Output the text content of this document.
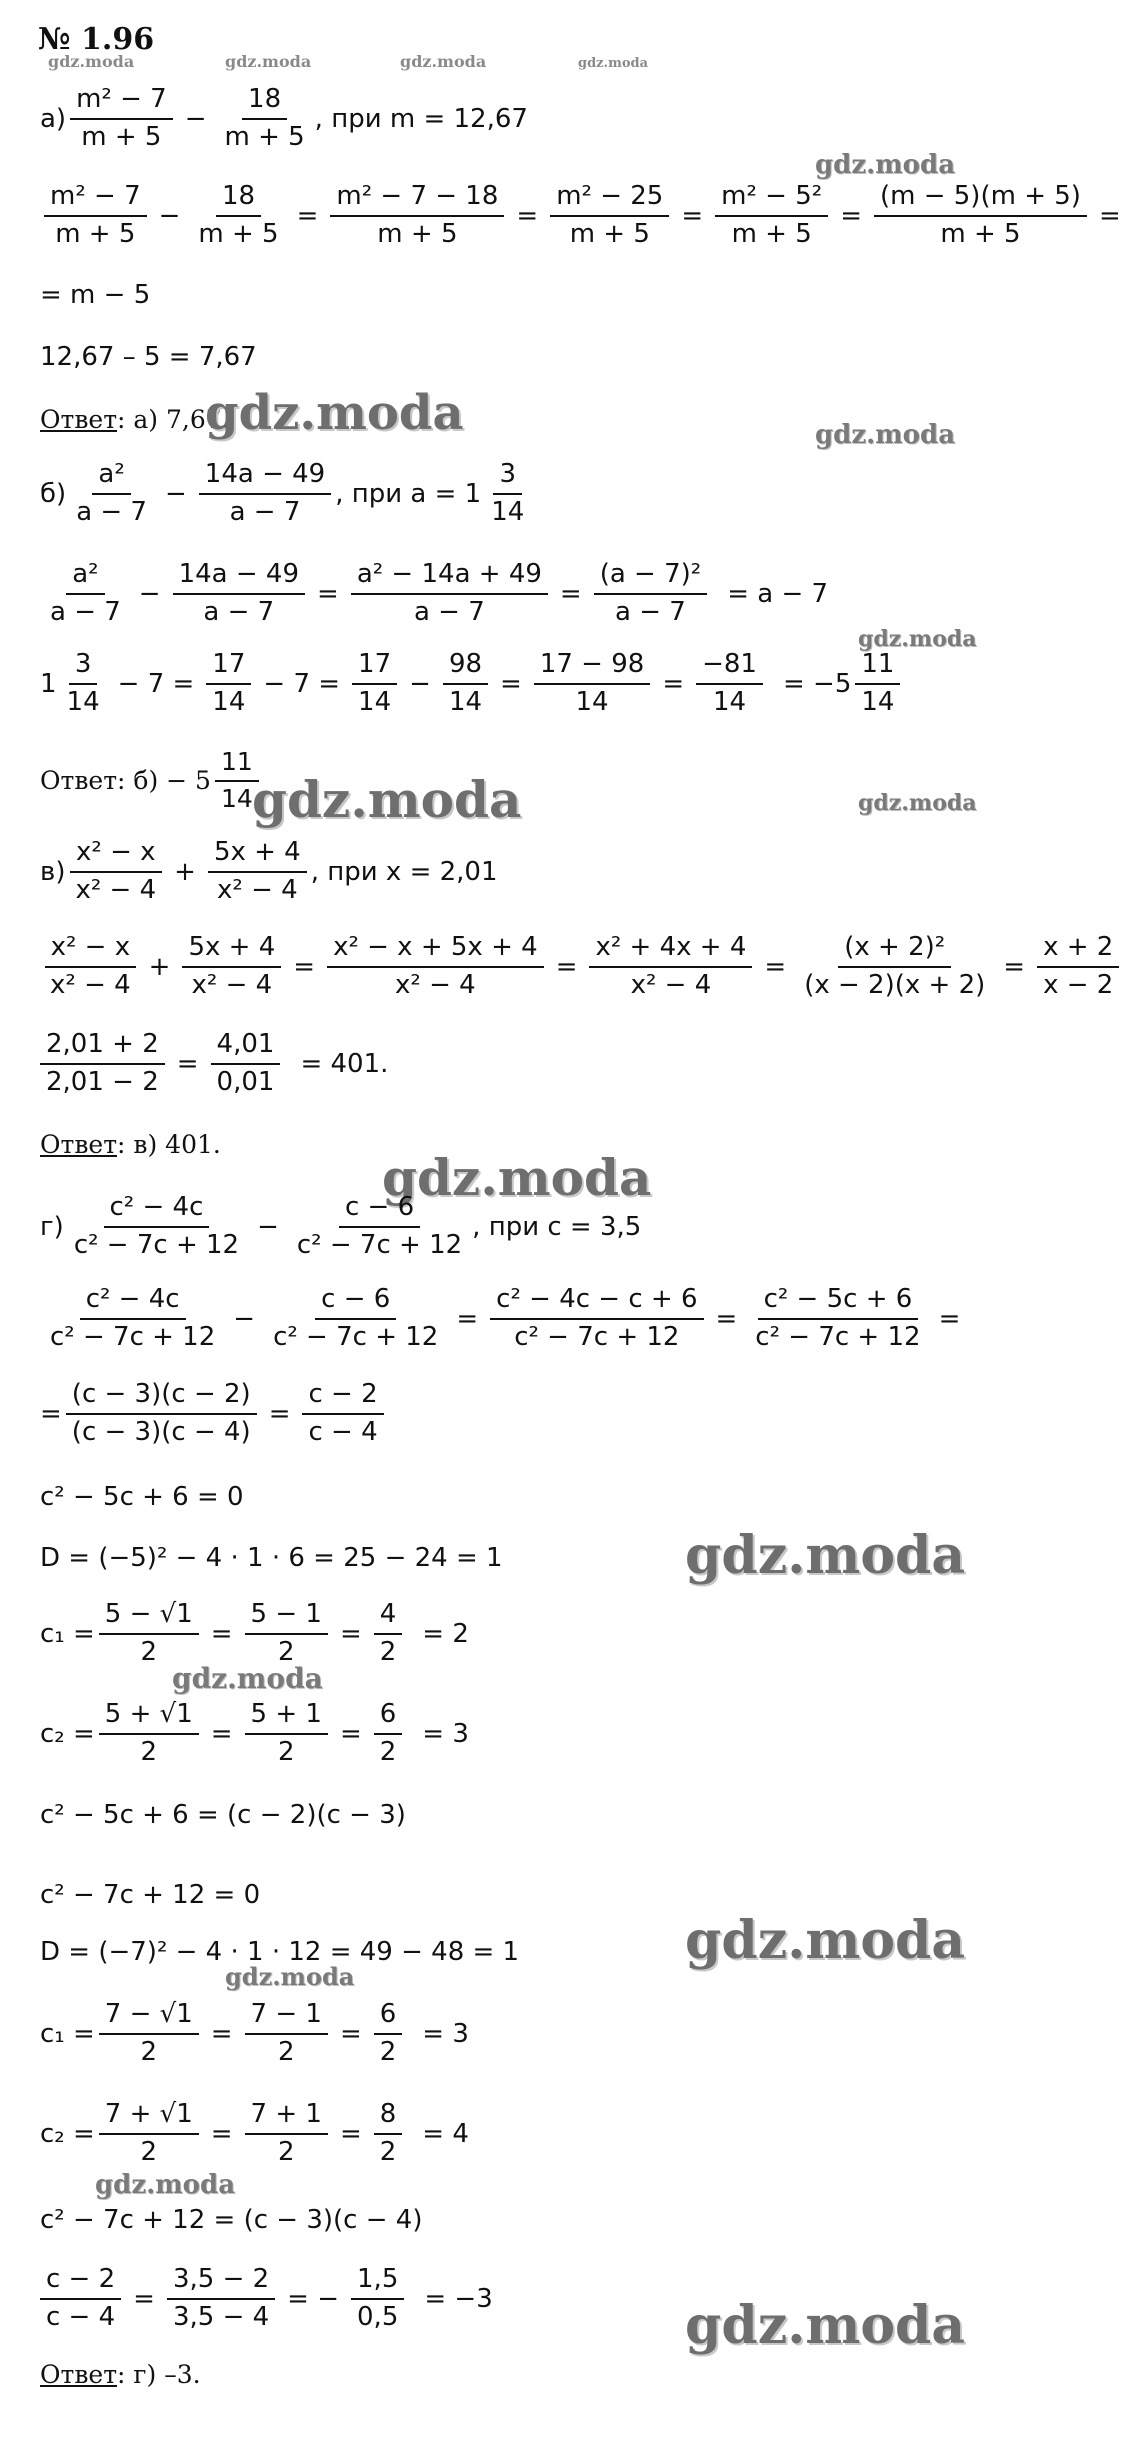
№ 1.96
gdz.moda	gdz.moda	gdz.moda	gdz.moda
$а) \frac{\text{m² − 7}}{m + 5} - \frac{18}{m + 5}$ , при m = 12,67
gdz.moda
$\frac{\text{m² − 7}}{m + 5} - \frac{18}{m + 5} = \frac{\text{m² − 7 − 18}}{m + 5} = \frac{\text{m² − 25}}{m + 5} = \frac{\text{m² − 5²}}{m + 5} = \frac{(m - 5)(m + 5)}{m + 5}$ =
= m − 5
12,67 – 5 = 7,67
Ответ: а) 7,67.
gdz.moda	gdz.moda
$б) \frac{\text{a²}}{a - 7} - \frac{14a - 49}{a - 7}$ , при $a = 1 \frac{3}{14}$
$\frac{\text{a²}}{a - 7} - \frac{14a - 49}{a - 7} = \frac{\text{a² − 14a + 49}}{a - 7} = \frac{\text{(a − 7)²}}{a - 7} = a - 7$
gdz.moda
$1 \frac{3}{14} - 7 = \frac{17}{14} - 7 = \frac{17}{14} - \frac{98}{14} = \frac{17 - 98}{14} = \frac{-81}{14} = -5 \frac{11}{14}$
Ответ: $б) - 5 \frac{11}{14}$
gdz.moda	gdz.moda
$в) \frac{\text{x² − x}}{\text{x² − 4}} + \frac{5x + 4}{\text{x² − 4}}$ , при x = 2,01
$\frac{\text{x² − x}}{\text{x² − 4}} + \frac{5x + 4}{\text{x² − 4}} = \frac{\text{x² − x + 5x + 4}}{\text{x² − 4}} = \frac{\text{x² + 4x + 4}}{\text{x² − 4}} = \frac{\text{(x + 2)²}}{(x - 2)(x + 2)} = \frac{x + 2}{x - 2}$
$\frac{2,01 + 2}{2,01 - 2} = \frac{4,01}{0,01} = 401$.
Ответ: в) 401.
gdz.moda
$г) \frac{\text{c² − 4c}}{\text{c² − 7c + 12}} - \frac{c - 6}{\text{c² − 7c + 12}}$ , при c = 3,5
$\frac{\text{c² − 4c}}{\text{c² − 7c + 12}} - \frac{c - 6}{\text{c² − 7c + 12}} = \frac{\text{c² − 4c − c + 6}}{\text{c² − 7c + 12}} = \frac{\text{c² − 5c + 6}}{\text{c² − 7c + 12}}$ =
= $\frac{(c - 3)(c - 2)}{(c - 3)(c - 4)} = \frac{c - 2}{c - 4}$
c² − 5c + 6 = 0
D = (−5)² − 4 · 1 · 6 = 25 − 24 = 1	gdz.moda
$c_1 = \frac{5 - √1}{2} = \frac{5 - 1}{2} = \frac{4}{2} = 2$
gdz.moda
$c_2 = \frac{5 + √1}{2} = \frac{5 + 1}{2} = \frac{6}{2} = 3$
c² − 5c + 6 = (c − 2)(c − 3)
c² − 7c + 12 = 0
D = (−7)² − 4 · 1 · 12 = 49 − 48 = 1	gdz.moda
gdz.moda
$c_1 = \frac{7 - √1}{2} = \frac{7 - 1}{2} = \frac{6}{2} = 3$
$c_2 = \frac{7 + √1}{2} = \frac{7 + 1}{2} = \frac{8}{2} = 4$
gdz.moda
c² − 7c + 12 = (c − 3)(c − 4)
$\frac{c - 2}{c - 4} = \frac{3,5 - 2}{3,5 - 4}$ = − $\frac{1,5}{0,5} = -3$	gdz.moda
Ответ: г) –3.
